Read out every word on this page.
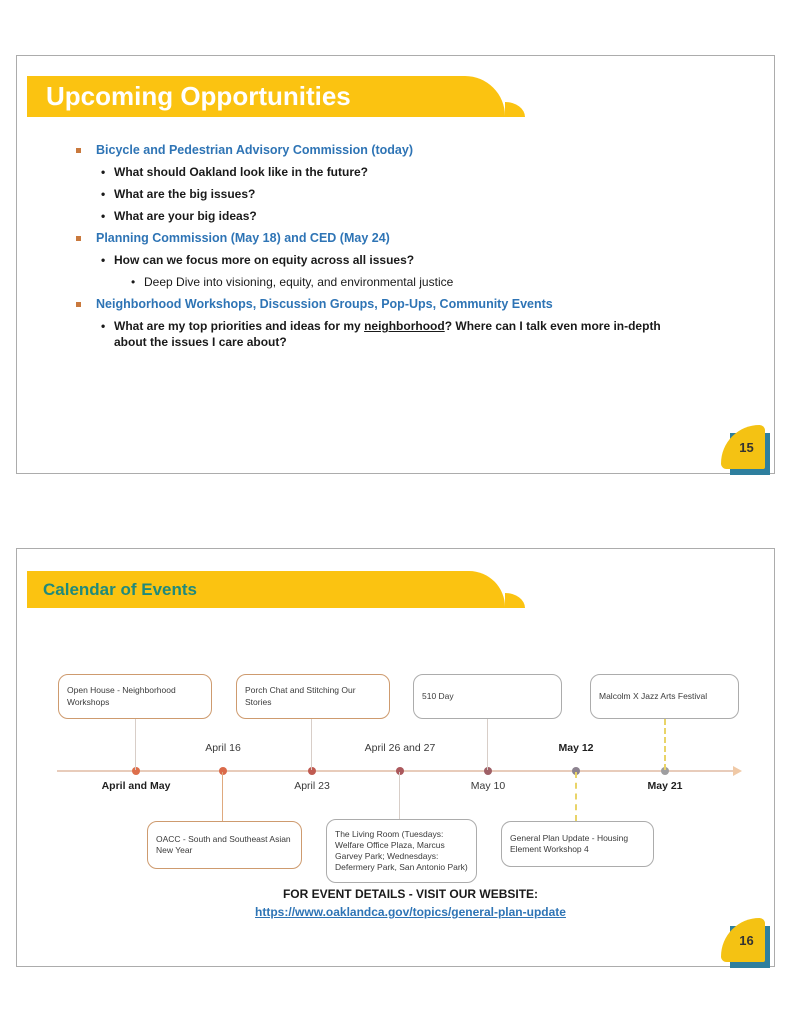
Upcoming Opportunities
Bicycle and Pedestrian Advisory Commission (today)
•
What should Oakland look like in the future?
•
What are the big issues?
•
What are your big ideas?
Planning Commission (May 18) and CED (May 24)
•
How can we focus more on equity across all issues?
•
Deep Dive into visioning, equity, and environmental justice
Neighborhood Workshops, Discussion Groups, Pop-Ups, Community Events
•
What are my top priorities and ideas for my neighborhood? Where can I talk even more in-depth about the issues I care about?
15
Calendar of Events
April 16	April 26 and 27	May 12
April and May	April 23	May 10	May 21
Open House - Neighborhood Workshops
Porch Chat and Stitching Our Stories
510 Day	Malcolm X Jazz Arts Festival
OACC - South and Southeast Asian New Year
The Living Room (Tuesdays: Welfare Office Plaza, Marcus Garvey Park; Wednesdays: Defermery Park, San Antonio Park)
General Plan Update - Housing Element Workshop 4
FOR EVENT DETAILS - VISIT OUR WEBSITE:
https://www.oaklandca.gov/topics/general-plan-update
16
